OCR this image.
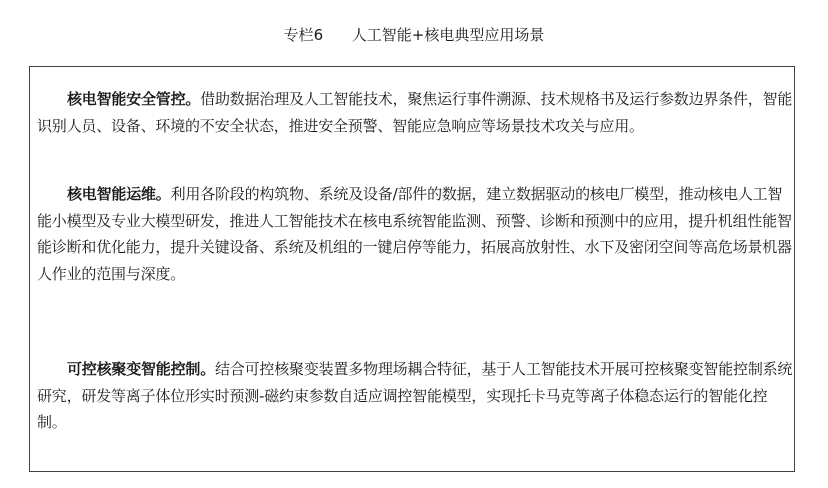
专栏6      人工智能+核电典型应用场景

核电智能安全管控。借助数据治理及人工智能技术，聚焦运行事件溯源、技术规格书及运行参数边界条件，智能识别人员、设备、环境的不安全状态，推进安全预警、智能应急响应等场景技术攻关与应用。

核电智能运维。利用各阶段的构筑物、系统及设备/部件的数据，建立数据驱动的核电厂模型，推动核电人工智能小模型及专业大模型研发，推进人工智能技术在核电系统智能监测、预警、诊断和预测中的应用，提升机组性能智能诊断和优化能力，提升关键设备、系统及机组的一键启停等能力，拓展高放射性、水下及密闭空间等高危场景机器人作业的范围与深度。

可控核聚变智能控制。结合可控核聚变装置多物理场耦合特征，基于人工智能技术开展可控核聚变智能控制系统研究，研发等离子体位形实时预测-磁约束参数自适应调控智能模型，实现托卡马克等离子体稳态运行的智能化控制。
